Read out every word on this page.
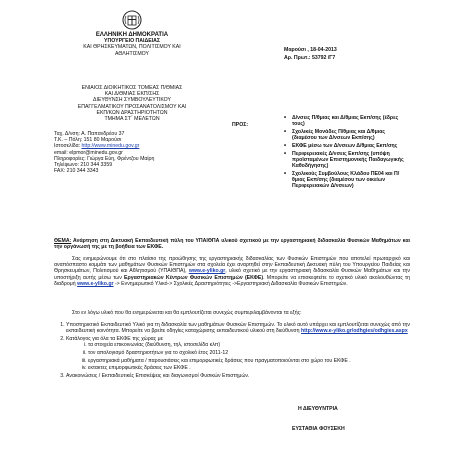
ΕΛΛΗΝΙΚΗ ΔΗΜΟΚΡΑΤΙΑ
ΥΠΟΥΡΓΕΙΟ ΠΑΙΔΕΙΑΣ
ΚΑΙ ΘΡΗΣΚΕΥΜΑΤΩΝ, ΠΟΛΙΤΙΣΜΟΥ ΚΑΙ
ΑΘΛΗΤΙΣΜΟΥ
Μαρούσι , 18-04-2013
Αρ. Πρωτ.: 53792 /Γ7
ΕΝΙΑΙΟΣ ΔΙΟΙΚΗΤΙΚΟΣ ΤΟΜΕΑΣ Π/ΘΜΙΑΣ
ΚΑΙ Δ/ΘΜΙΑΣ ΕΚΠ/ΣΗΣ
ΔΙΕΥΘΥΝΣΗ ΣΥΜΒΟΥΛΕΥΤΙΚΟΥ
ΕΠΑΓΓΕΛΜΑΤΙΚΟΥ ΠΡΟΣΑΝΑΤΟΛΙΣΜΟΥ ΚΑΙ
ΕΚΠ/ΚΩΝ ΔΡΑΣΤΗΡΙΟΤΗΤΩΝ
ΤΜΗΜΑ ΣΤ΄ ΜΕΛΕΤΩΝ
ΠΡΟΣ:
Ταχ. Δ/νση: Α. Παπανδρέου 37
Τ.Κ. – Πόλη: 151 80 Μαρούσι
Ιστοσελίδα: http://www.minedu.gov.gr
email: elpmor@minedu.gov.gr
Πληροφορίες: Γιώργα Εύη, Φρέντζου Μαίρη
Τηλέφωνο: 210 344 3359
FAX: 210 344 3343
• Δ/νσεις Π/θμιας και Δ/θμιας Εκπ/σης (έδρες τους)
• Σχολικές Μονάδες Π/θμιας και Δ/θμιας (διαμέσου των Δ/νσεων Εκπ/σης)
• ΕΚΦΕ μέσω των Δ/νσεων Δ/θμιας Εκπ/σης
• Περιφερειακές Δ/νσεις Εκπ/σης (υπόψη προϊσταμένων Επιστημονικής Παιδαγωγικής Καθοδήγησης)
• Σχολικούς Συμβούλους Κλάδου ΠΕ04 και Π/θμιας Εκπ/σης (διαμέσου των οικείων Περιφερειακών Δ/νσεων)
ΘΕΜΑ: Ανάρτηση στη Δικτυακή Εκπαιδευτική πύλη του ΥΠΑΙΘΠΑ υλικού σχετικού με την εργαστηριακή διδασκαλία Φυσικών Μαθημάτων και την οργάνωσή της με τη βοήθεια των ΕΚΦΕ.
Σας ενημερώνουμε ότι στο πλαίσιο της προώθησης της εργαστηριακής διδασκαλίας των Φυσικών Επιστημών που αποτελεί πρωταρχικό και αναπόσπαστο κομμάτι των μαθημάτων Φυσικών Επιστημών στα σχολεία έχει αναρτηθεί στην Εκπαιδευτική Δικτυακή πύλη του Υπουργείου Παιδείας και Θρησκευμάτων, Πολιτισμού και Αθλητισμού (ΥΠΑΙΘΠΑ), www.e-yliko.gr, υλικό σχετικό με την εργαστηριακή διδασκαλία Φυσικών Μαθημάτων και την υποστήριξη αυτής μέσω των Εργαστηριακών Κέντρων Φυσικών Επιστημών (ΕΚΦΕ). Μπορείτε να επισκεφτείτε το σχετικό υλικό ακολουθώντας τη διαδρομή www.e-yliko.gr -> Εννημερωτικό Υλικό-> Σχολικές Δραστηριότητες ->Εργαστηριακή Διδασκαλία Φυσικών Επιστημών.
Στο εν λόγω υλικό που θα ενημερώνεται και θα εμπλουτίζεται συνεχώς συμπεριλαμβάνονται τα εξής:
1. Υποστηρικτικό Εκπαιδευτικό Υλικό για τη διδασκαλία των μαθημάτων Φυσικών Επιστημών. Το υλικό αυτό υπάρχει και εμπλουτίζεται συνεχώς από την εκπαιδευτική κοινότητα. Μπορείτε να βρείτε οδηγίες καταχώρισης εκπαιδευτικού υλικού στη διεύθυνση http://www.e-yliko.gr/odhgies/odhgies.aspx
2. Κατάλογος για όλα τα ΕΚΦΕ της χώρας με
i. τα στοιχεία επικοινωνίας (διεύθυνση, τηλ, ιστοσελίδα κλπ)
ii. τον απολογισμό δραστηριοτήτων για το σχολικό έτος 2011-12
iii. εργαστηριακά μαθήματα / παρουσιάσεις και επιμορφωτικές δράσεις που πραγματοποιούνται στο χώρο του ΕΚΦΕ .
iv. εκτακτες επιμορφωτικές δράσεις των ΕΚΦΕ .
3. Ανακοινώσεις / Εκπαιδευτικές Επισκέψεις και διαγωνισμοί Φυσικών Επιστημών.
Η ΔΙΕΥΘΥΝΤΡΙΑ
ΕΥΣΤΑΘΙΑ ΦΟΥΣΕΚΗ
